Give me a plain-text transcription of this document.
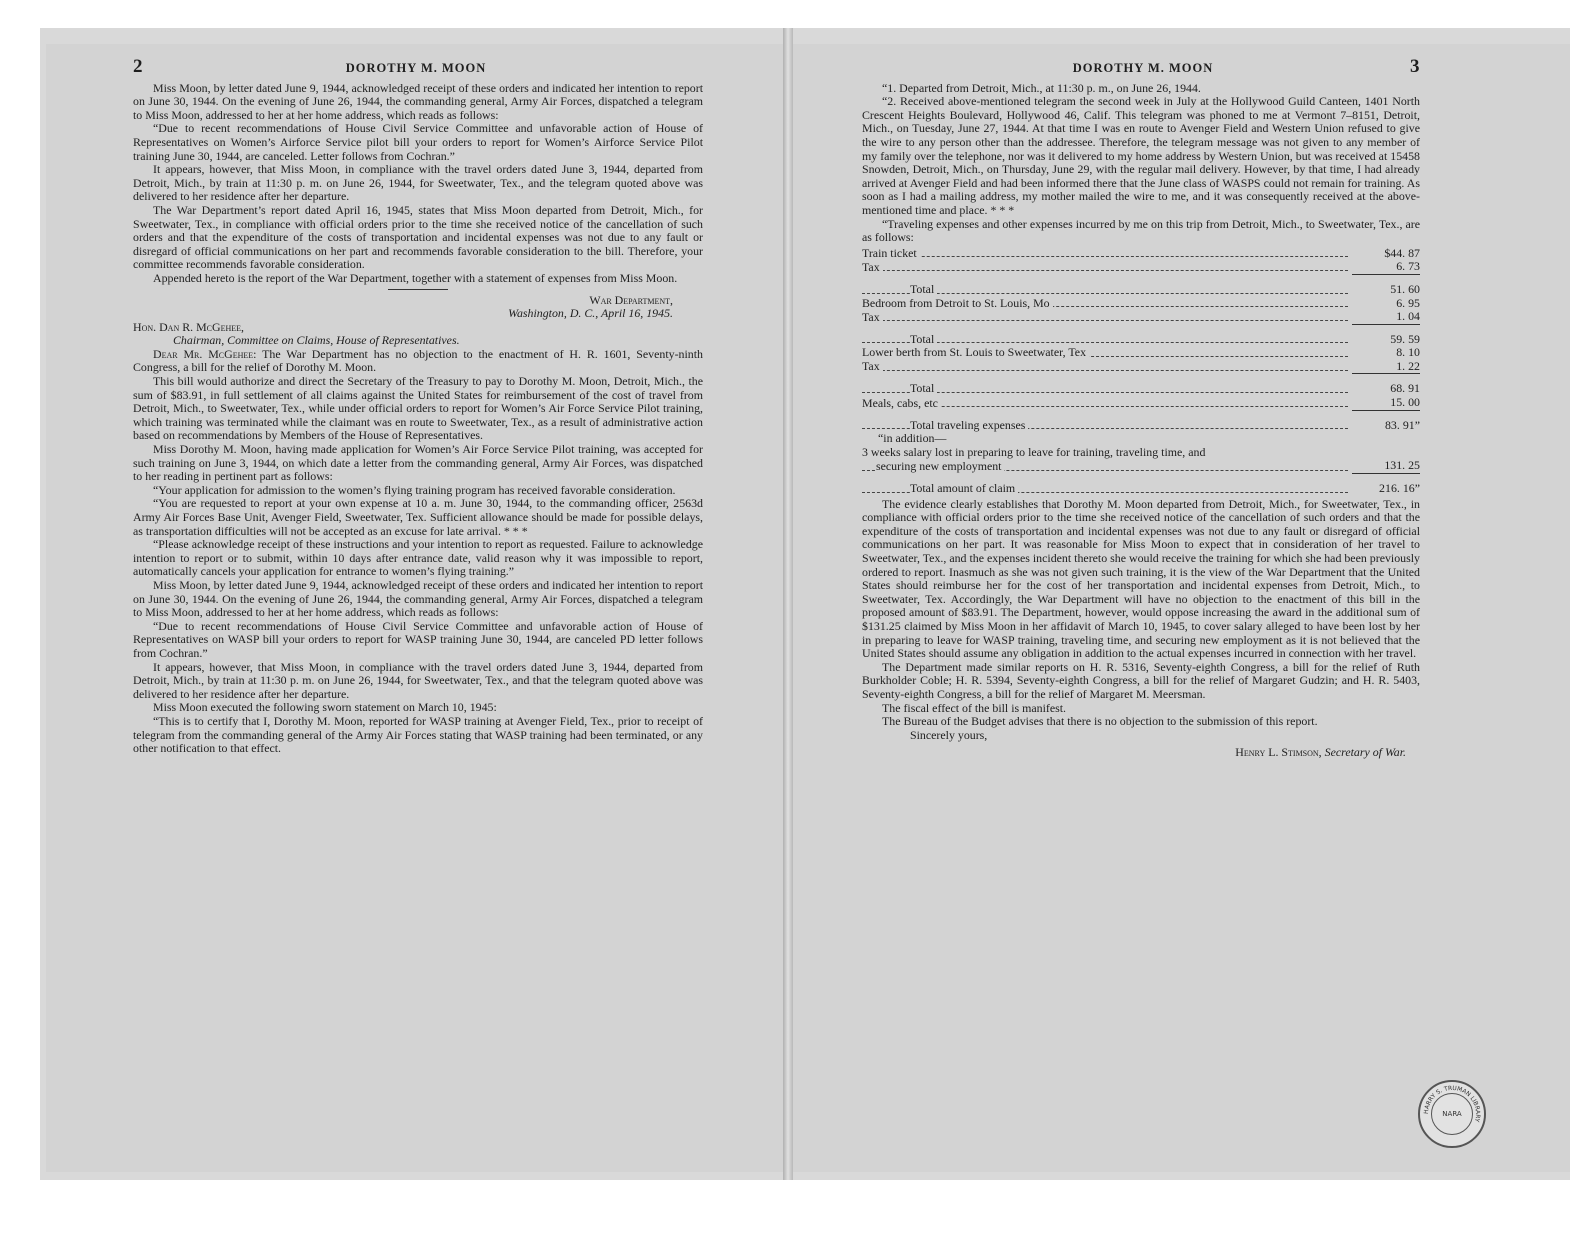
2	DOROTHY M. MOON

Miss Moon, by letter dated June 9, 1944, acknowledged receipt of these orders and indicated her intention to report on June 30, 1944. On the evening of June 26, 1944, the commanding general, Army Air Forces, dispatched a telegram to Miss Moon, addressed to her at her home address, which reads as follows:

“Due to recent recommendations of House Civil Service Committee and unfavorable action of House of Representatives on Women’s Airforce Service pilot bill your orders to report for Women’s Airforce Service Pilot training June 30, 1944, are canceled. Letter follows from Cochran.”

It appears, however, that Miss Moon, in compliance with the travel orders dated June 3, 1944, departed from Detroit, Mich., by train at 11:30 p. m. on June 26, 1944, for Sweetwater, Tex., and the telegram quoted above was delivered to her residence after her departure.

The War Department’s report dated April 16, 1945, states that Miss Moon departed from Detroit, Mich., for Sweetwater, Tex., in compliance with official orders prior to the time she received notice of the cancellation of such orders and that the expenditure of the costs of transportation and incidental expenses was not due to any fault or disregard of official communications on her part and recommends favorable consideration to the bill. Therefore, your committee recommends favorable consideration.

Appended hereto is the report of the War Department, together with a statement of expenses from Miss Moon.

War Department,
Washington, D. C., April 16, 1945.
Hon. Dan R. McGehee,
Chairman, Committee on Claims, House of Representatives.

Dear Mr. McGehee: The War Department has no objection to the enactment of H. R. 1601, Seventy-ninth Congress, a bill for the relief of Dorothy M. Moon.

This bill would authorize and direct the Secretary of the Treasury to pay to Dorothy M. Moon, Detroit, Mich., the sum of $83.91, in full settlement of all claims against the United States for reimbursement of the cost of travel from Detroit, Mich., to Sweetwater, Tex., while under official orders to report for Women’s Air Force Service Pilot training, which training was terminated while the claimant was en route to Sweetwater, Tex., as a result of administrative action based on recommendations by Members of the House of Representatives.

Miss Dorothy M. Moon, having made application for Women’s Air Force Service Pilot training, was accepted for such training on June 3, 1944, on which date a letter from the commanding general, Army Air Forces, was dispatched to her reading in pertinent part as follows:

“Your application for admission to the women’s flying training program has received favorable consideration.

“You are requested to report at your own expense at 10 a. m. June 30, 1944, to the commanding officer, 2563d Army Air Forces Base Unit, Avenger Field, Sweetwater, Tex. Sufficient allowance should be made for possible delays, as transportation difficulties will not be accepted as an excuse for late arrival. * * *

“Please acknowledge receipt of these instructions and your intention to report as requested. Failure to acknowledge intention to report or to submit, within 10 days after entrance date, valid reason why it was impossible to report, automatically cancels your application for entrance to women’s flying training.”

Miss Moon, by letter dated June 9, 1944, acknowledged receipt of these orders and indicated her intention to report on June 30, 1944. On the evening of June 26, 1944, the commanding general, Army Air Forces, dispatched a telegram to Miss Moon, addressed to her at her home address, which reads as follows:

“Due to recent recommendations of House Civil Service Committee and unfavorable action of House of Representatives on WASP bill your orders to report for WASP training June 30, 1944, are canceled PD letter follows from Cochran.”

It appears, however, that Miss Moon, in compliance with the travel orders dated June 3, 1944, departed from Detroit, Mich., by train at 11:30 p. m. on June 26, 1944, for Sweetwater, Tex., and that the telegram quoted above was delivered to her residence after her departure.

Miss Moon executed the following sworn statement on March 10, 1945:

“This is to certify that I, Dorothy M. Moon, reported for WASP training at Avenger Field, Tex., prior to receipt of telegram from the commanding general of the Army Air Forces stating that WASP training had been terminated, or any other notification to that effect.

DOROTHY M. MOON	3

“1. Departed from Detroit, Mich., at 11:30 p. m., on June 26, 1944.

“2. Received above-mentioned telegram the second week in July at the Hollywood Guild Canteen, 1401 North Crescent Heights Boulevard, Hollywood 46, Calif. This telegram was phoned to me at Vermont 7–8151, Detroit, Mich., on Tuesday, June 27, 1944. At that time I was en route to Avenger Field and Western Union refused to give the wire to any person other than the addressee. Therefore, the telegram message was not given to any member of my family over the telephone, nor was it delivered to my home address by Western Union, but was received at 15458 Snowden, Detroit, Mich., on Thursday, June 29, with the regular mail delivery. However, by that time, I had already arrived at Avenger Field and had been informed there that the June class of WASPS could not remain for training. As soon as I had a mailing address, my mother mailed the wire to me, and it was consequently received at the above-mentioned time and place. * * *

“Traveling expenses and other expenses incurred by me on this trip from Detroit, Mich., to Sweetwater, Tex., are as follows:

Train ticket	$44. 87
Tax	6. 73

Total	51. 60
Bedroom from Detroit to St. Louis, Mo	6. 95
Tax	1. 04

Total	59. 59
Lower berth from St. Louis to Sweetwater, Tex	8. 10
Tax	1. 22

Total	68. 91
Meals, cabs, etc	15. 00

Total traveling expenses	83. 91”
“in addition—	
3 weeks salary lost in preparing to leave for training, traveling time, and	
securing new employment	131. 25

Total amount of claim	216. 16”

The evidence clearly establishes that Dorothy M. Moon departed from Detroit, Mich., for Sweetwater, Tex., in compliance with official orders prior to the time she received notice of the cancellation of such orders and that the expenditure of the costs of transportation and incidental expenses was not due to any fault or disregard of official communications on her part. It was reasonable for Miss Moon to expect that in consideration of her travel to Sweetwater, Tex., and the expenses incident thereto she would receive the training for which she had been previously ordered to report. Inasmuch as she was not given such training, it is the view of the War Department that the United States should reimburse her for the cost of her transportation and incidental expenses from Detroit, Mich., to Sweetwater, Tex. Accordingly, the War Department will have no objection to the enactment of this bill in the proposed amount of $83.91. The Department, however, would oppose increasing the award in the additional sum of $131.25 claimed by Miss Moon in her affidavit of March 10, 1945, to cover salary alleged to have been lost by her in preparing to leave for WASP training, traveling time, and securing new employment as it is not believed that the United States should assume any obligation in addition to the actual expenses incurred in connection with her travel.

The Department made similar reports on H. R. 5316, Seventy-eighth Congress, a bill for the relief of Ruth Burkholder Coble; H. R. 5394, Seventy-eighth Congress, a bill for the relief of Margaret Gudzin; and H. R. 5403, Seventy-eighth Congress, a bill for the relief of Margaret M. Meersman.

The fiscal effect of the bill is manifest.

The Bureau of the Budget advises that there is no objection to the submission of this report.

Sincerely yours,

Henry L. Stimson, Secretary of War.
HARRY S. TRUMAN LIBRARY
NARA
